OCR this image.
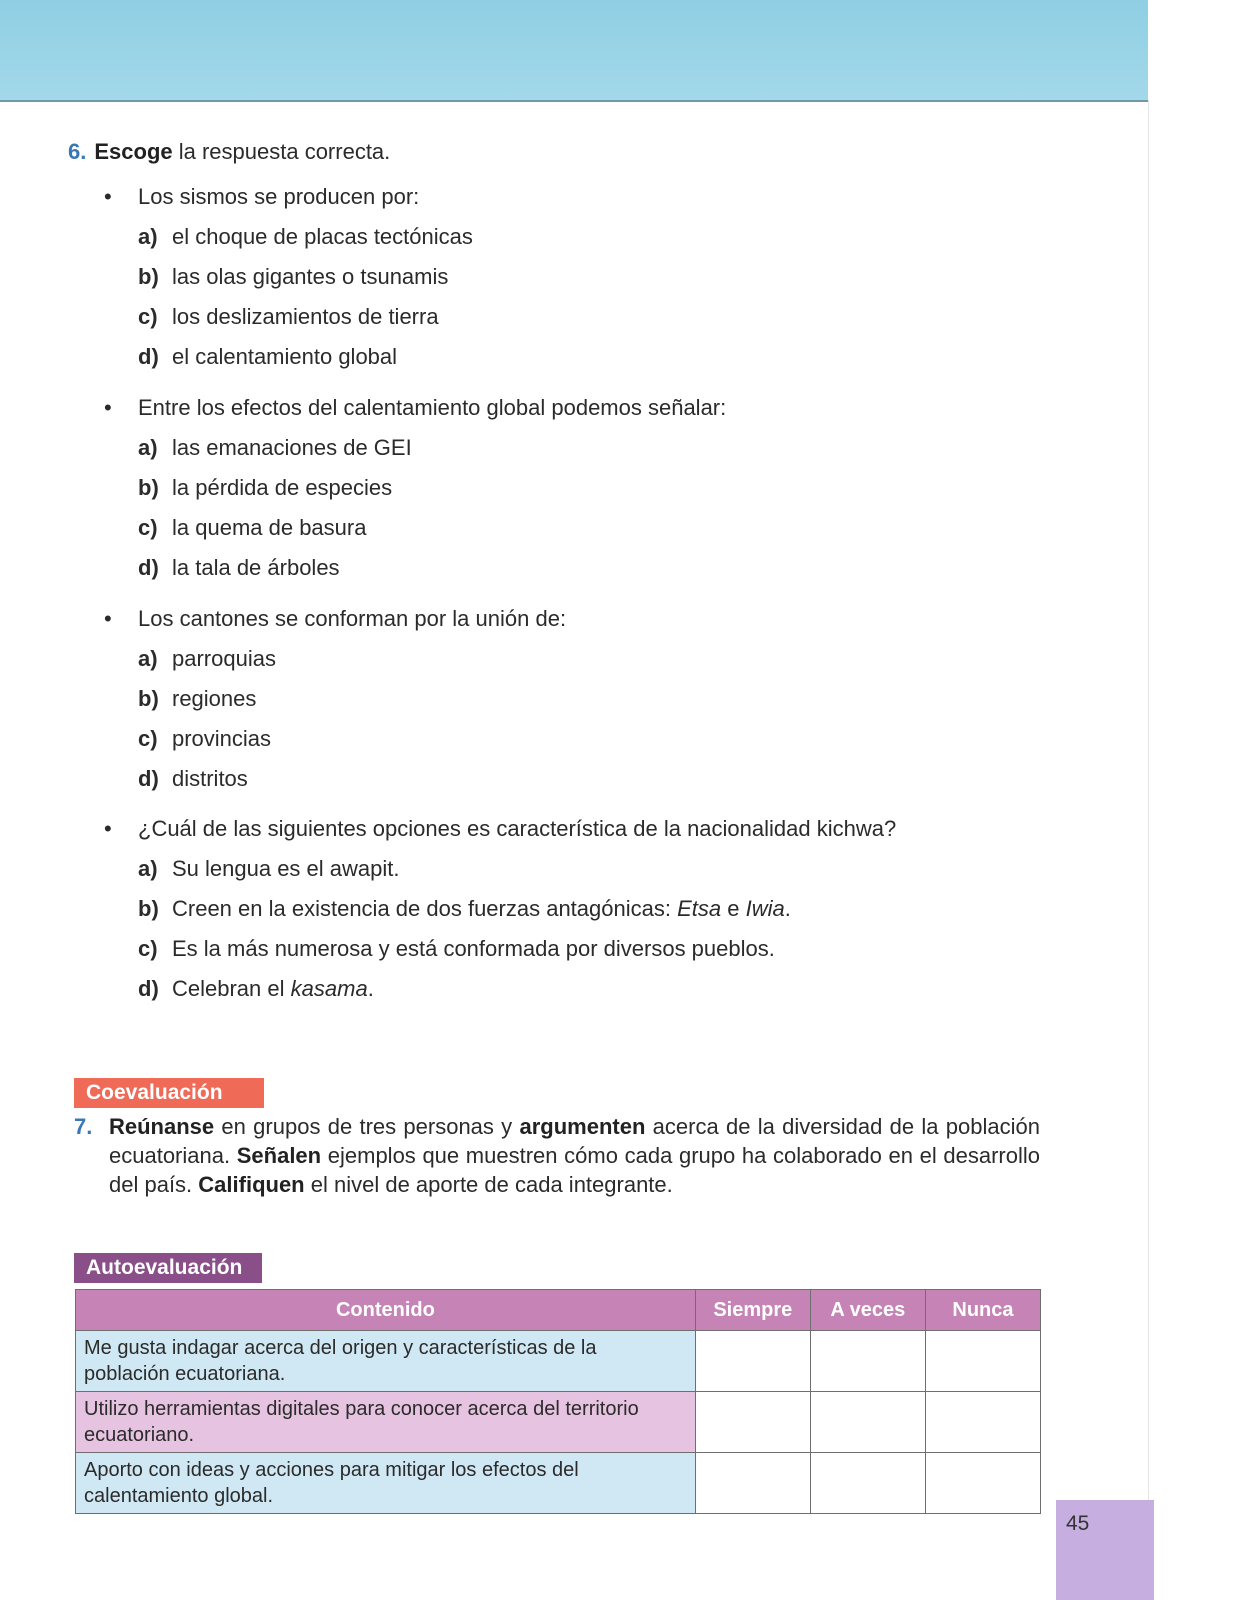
6. Escoge la respuesta correcta.
• Los sismos se producen por:
a) el choque de placas tectónicas
b) las olas gigantes o tsunamis
c) los deslizamientos de tierra
d) el calentamiento global
• Entre los efectos del calentamiento global podemos señalar:
a) las emanaciones de GEI
b) la pérdida de especies
c) la quema de basura
d) la tala de árboles
• Los cantones se conforman por la unión de:
a) parroquias
b) regiones
c) provincias
d) distritos
• ¿Cuál de las siguientes opciones es característica de la nacionalidad kichwa?
a) Su lengua es el awapit.
b) Creen en la existencia de dos fuerzas antagónicas: Etsa e Iwia.
c) Es la más numerosa y está conformada por diversos pueblos.
d) Celebran el kasama.
Coevaluación
7. Reúnanse en grupos de tres personas y argumenten acerca de la diversidad de la población ecuatoriana. Señalen ejemplos que muestren cómo cada grupo ha colaborado en el desarrollo del país. Califiquen el nivel de aporte de cada integrante.
Autoevaluación
Contenido	Siempre	A veces	Nunca
Me gusta indagar acerca del origen y características de la población ecuatoriana.			
Utilizo herramientas digitales para conocer acerca del territorio ecuatoriano.			
Aporto con ideas y acciones para mitigar los efectos del calentamiento global.			
45
